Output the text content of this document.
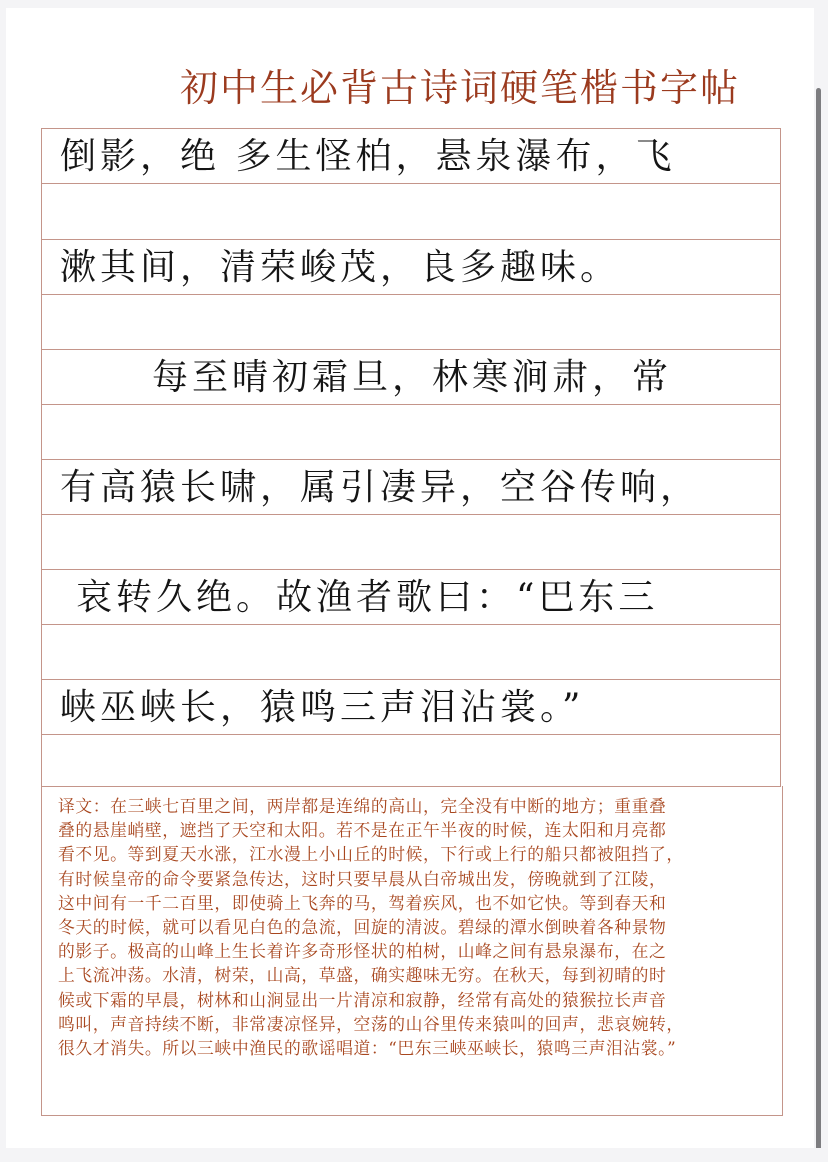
初中生必背古诗词硬笔楷书字帖
倒影，绝 多生怪柏，悬泉瀑布，飞
漱其间，清荣峻茂，良多趣味。
每至晴初霜旦，林寒涧肃，常
有高猿长啸，属引凄异，空谷传响，
哀转久绝。故渔者歌曰：“巴东三
峡巫峡长，猿鸣三声泪沾裳。”

译文：在三峡七百里之间，两岸都是连绵的高山，完全没有中断的地方；重重叠

叠的悬崖峭壁，遮挡了天空和太阳。若不是在正午半夜的时候，连太阳和月亮都

看不见。等到夏天水涨，江水漫上小山丘的时候，下行或上行的船只都被阻挡了，

有时候皇帝的命令要紧急传达，这时只要早晨从白帝城出发，傍晚就到了江陵，

这中间有一千二百里，即使骑上飞奔的马，驾着疾风，也不如它快。等到春天和

冬天的时候，就可以看见白色的急流，回旋的清波。碧绿的潭水倒映着各种景物

的影子。极高的山峰上生长着许多奇形怪状的柏树，山峰之间有悬泉瀑布，在之

上飞流冲荡。水清，树荣，山高，草盛，确实趣味无穷。在秋天，每到初晴的时

候或下霜的早晨，树林和山涧显出一片清凉和寂静，经常有高处的猿猴拉长声音

鸣叫，声音持续不断，非常凄凉怪异，空荡的山谷里传来猿叫的回声，悲哀婉转，

很久才消失。所以三峡中渔民的歌谣唱道：“巴东三峡巫峡长，猿鸣三声泪沾裳。”
